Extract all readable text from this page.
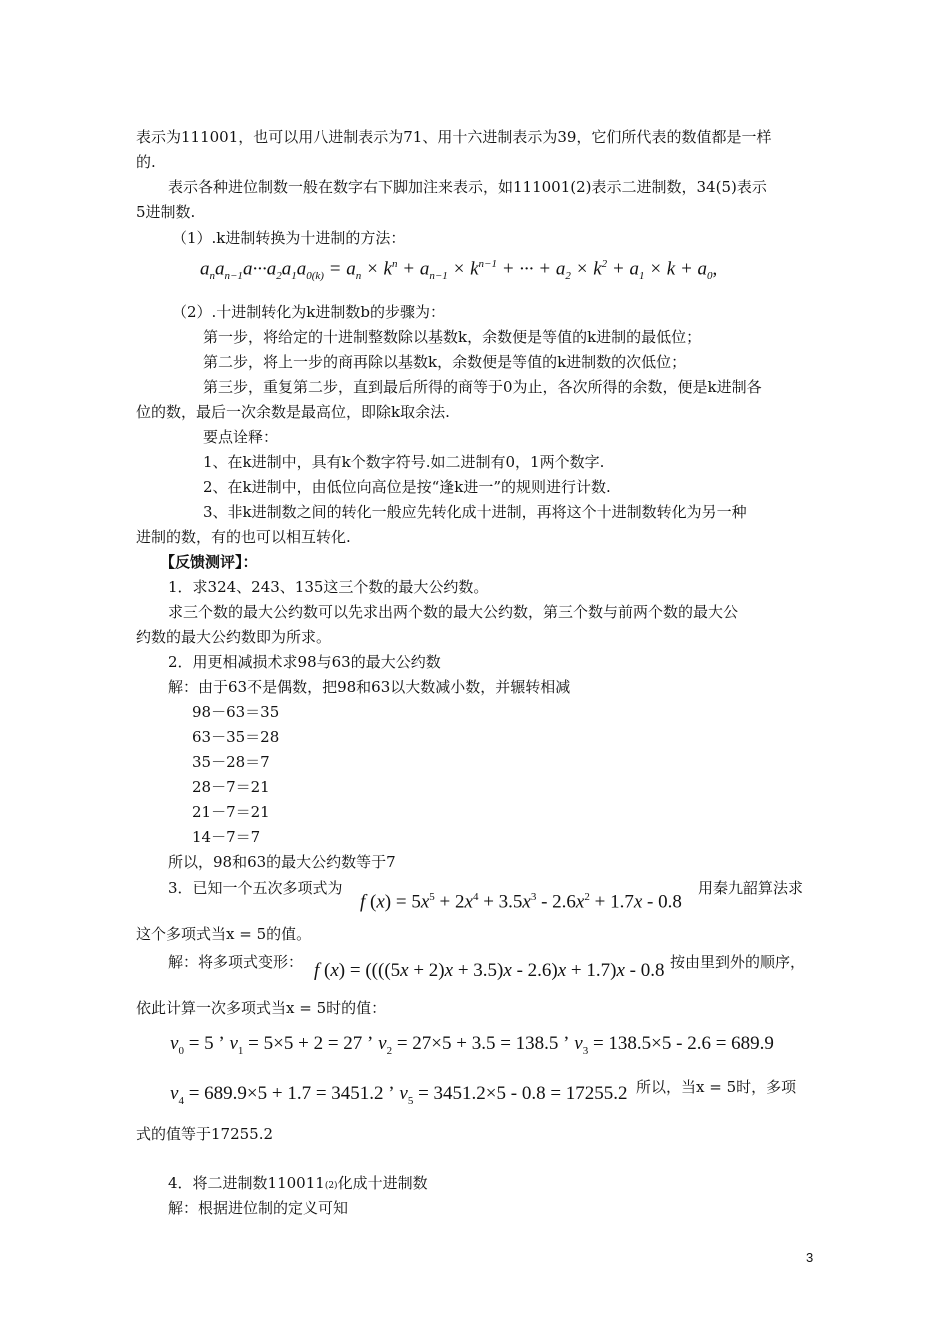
表示为111001，也可以用八进制表示为71、用十六进制表示为39，它们所代表的数值都是一样
的.
表示各种进位制数一般在数字右下脚加注来表示，如111001(2)表示二进制数，34(5)表示
5进制数.
（1）.k进制转换为十进制的方法：
$a_na_{n-1}a\cdot\cdot\cdot a_2a_1a_{0(k)} = a_n \times k^n + a_{n-1} \times k^{n-1}$ + ··· + $a_2 \times k^2 + a_1 \times k + a_0$,
（2）.十进制转化为k进制数b的步骤为：
第一步，将给定的十进制整数除以基数k，余数便是等值的k进制的最低位；
第二步，将上一步的商再除以基数k，余数便是等值的k进制数的次低位；
第三步，重复第二步，直到最后所得的商等于0为止，各次所得的余数，便是k进制各
位的数，最后一次余数是最高位，即除k取余法.
要点诠释：
1、在k进制中，具有k个数字符号.如二进制有0，1两个数字.
2、在k进制中，由低位向高位是按“逢k进一”的规则进行计数.
3、非k进制数之间的转化一般应先转化成十进制，再将这个十进制数转化为另一种
进制的数，有的也可以相互转化.
【反馈测评】：
1．求324、243、135这三个数的最大公约数。
求三个数的最大公约数可以先求出两个数的最大公约数，第三个数与前两个数的最大公
约数的最大公约数即为所求。
2．用更相减损术求98与63的最大公约数
解：由于63不是偶数，把98和63以大数减小数，并辗转相减
98－63＝35
63－35＝28
35－28＝7
28－7＝21
21－7＝21
14－7＝7
所以，98和63的最大公约数等于7
3．已知一个五次多项式为
f $(x) = 5x^5 + 2x^4 + 3.5x^3 - 2.6x^2 + 1.7x - 0.8$
用秦九韶算法求
这个多项式当x = 5的值。
解：将多项式变形： f (x) = ((((5x + 2)x + 3.5)x - 2.6)x + 1.7)x - 0.8 按由里到外的顺序，
依此计算一次多项式当x = 5时的值：
$v_0 = 5$ ’ $v_1 = 5\times 5 + 2 = 27$ ’ $v_2 = 27\times 5 + 3.5 = 138.5$ ’ $v_3 = 138.5\times 5 - 2.6 = 689.9$
$v_4 = 689.9\times 5 + 1.7 = 3451.2$ ’ $v_5 = 3451.2\times 5 - 0.8 = 17255.2$ 所以，当x = 5时，多项
式的值等于17255.2
4．将二进制数110011(2)化成十进制数
解：根据进位制的定义可知
3
